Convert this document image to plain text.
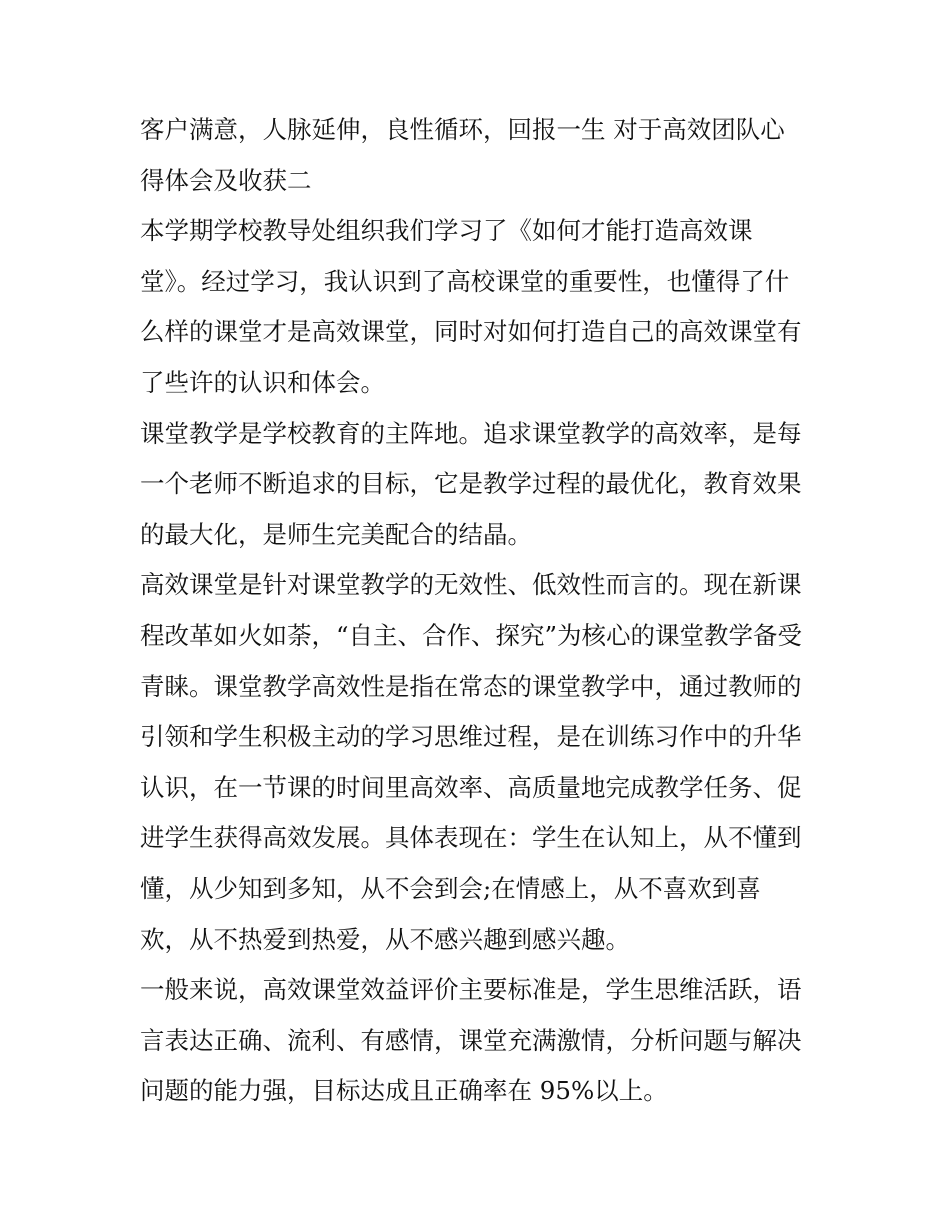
客户满意，人脉延伸，良性循环，回报一生 对于高效团队心
得体会及收获二
本学期学校教导处组织我们学习了《如何才能打造高效课
堂》。经过学习，我认识到了高校课堂的重要性，也懂得了什
么样的课堂才是高效课堂，同时对如何打造自己的高效课堂有
了些许的认识和体会。
课堂教学是学校教育的主阵地。追求课堂教学的高效率，是每
一个老师不断追求的目标，它是教学过程的最优化，教育效果
的最大化，是师生完美配合的结晶。
高效课堂是针对课堂教学的无效性、低效性而言的。现在新课
程改革如火如荼，“自主、合作、探究”为核心的课堂教学备受
青睐。课堂教学高效性是指在常态的课堂教学中，通过教师的
引领和学生积极主动的学习思维过程，是在训练习作中的升华
认识，在一节课的时间里高效率、高质量地完成教学任务、促
进学生获得高效发展。具体表现在：学生在认知上，从不懂到
懂，从少知到多知，从不会到会;在情感上，从不喜欢到喜
欢，从不热爱到热爱，从不感兴趣到感兴趣。
一般来说，高效课堂效益评价主要标准是，学生思维活跃，语
言表达正确、流利、有感情，课堂充满激情，分析问题与解决
问题的能力强，目标达成且正确率在 95%以上。
